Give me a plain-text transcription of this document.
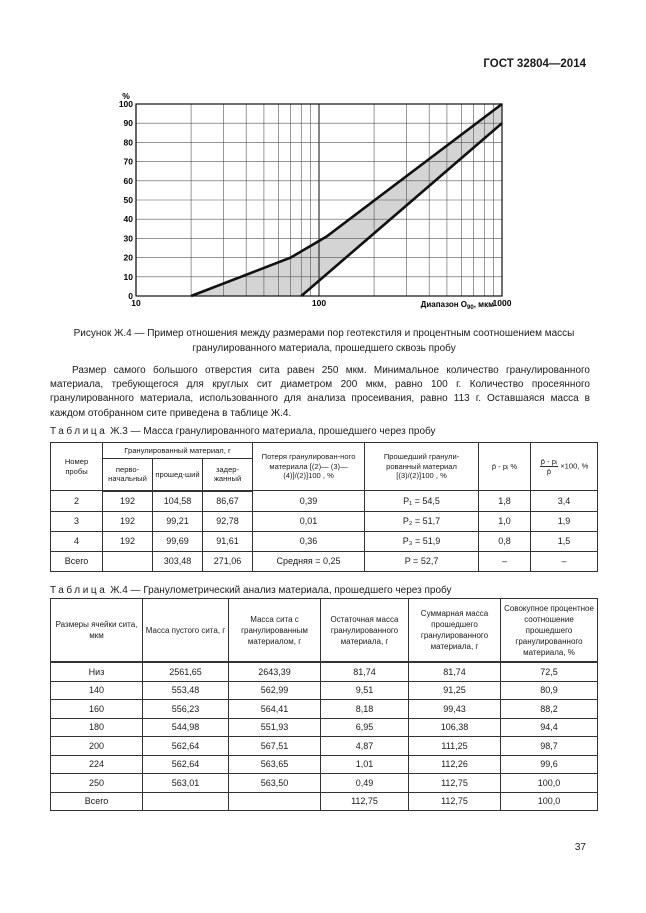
ГОСТ 32804—2014
0
10
20
30
40
50
60
70
80
90
100
10	100	1000
%
Диапазон $O_{90}$, мкм
Рисунок Ж.4 — Пример отношения между размерами пор геотекстиля и процентным соотношением массы
гранулированного материала, прошедшего сквозь пробу
Размер самого большого отверстия сита равен 250 мкм. Минимальное количество гранулированного материала, требующегося для круглых сит диаметром 200 мкм, равно 100 г. Количество просеянного гранулированного материала, использованного для анализа просеивания, равно 113 г. Оставшаяся масса в каждом отобранном сите приведена в таблице Ж.4.
Таблица Ж.3 — Масса гранулированного материала, прошедшего через пробу
Номер пробы	Гранулированный материал, г			Потеря гранулирован-ного материала [(2)— (3)—(4)]/(2)]100 , %	Прошедший гранули-рованный материал [(3)/(2)]100 , %	p̄ - pᵢ %	$\frac{\text{p̄ - pᵢ}}{p̄} \times 100$, %
	перво-начальный	прошед-ший	задер-жанный				
2	192	104,58	86,67	0,39	P₁ = 54,5	1,8	3,4
3	192	99,21	92,78	0,01	P₂ = 51,7	1,0	1,9
4	192	99,69	91,61	0,36	P₃ = 51,9	0,8	1,5
Всего		303,48	271,06	Средняя = 0,25	P = 52,7	–	–
Таблица Ж.4 — Гранулометрический анализ материала, прошедшего через пробу
Размеры ячейки сита, мкм	Масса пустого сита, г	Масса сита с гранулированным материалом, г	Остаточная масса гранулированного материала, г	Суммарная масса прошедшего гранулированного материала, г	Совокупное процентное соотношение прошедшего гранулированного материала, %
Низ	2561,65	2643,39	81,74	81,74	72,5
140	553,48	562,99	9,51	91,25	80,9
160	556,23	564,41	8,18	99,43	88,2
180	544,98	551,93	6,95	106,38	94,4
200	562,64	567,51	4,87	111,25	98,7
224	562,64	563,65	1,01	112,26	99,6
250	563,01	563,50	0,49	112,75	100,0
Всего			112,75	112,75	100,0
37
